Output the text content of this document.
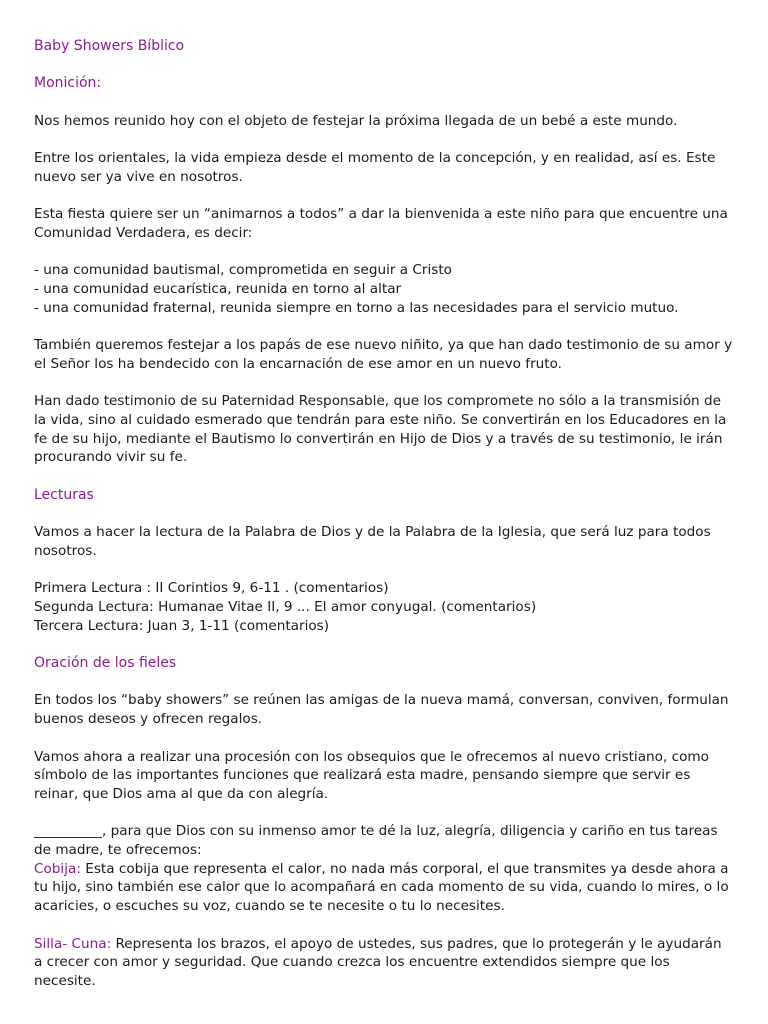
Baby Showers Bíblico
Monición:

Nos hemos reunido hoy con el objeto de festejar la próxima llegada de un bebé a este mundo.

Entre los orientales, la vida empieza desde el momento de la concepción, y en realidad, así es. Este nuevo ser ya vive en nosotros.

Esta fiesta quiere ser un “animarnos a todos” a dar la bienvenida a este niño para que encuentre una Comunidad Verdadera, es decir:

- una comunidad bautismal, comprometida en seguir a Cristo
- una comunidad eucarística, reunida en torno al altar
- una comunidad fraternal, reunida siempre en torno a las necesidades para el servicio mutuo.

También queremos festejar a los papás de ese nuevo niñito, ya que han dado testimonio de su amor y el Señor los ha bendecido con la encarnación de ese amor en un nuevo fruto.

Han dado testimonio de su Paternidad Responsable, que los compromete no sólo a la transmisión de la vida, sino al cuidado esmerado que tendrán para este niño. Se convertirán en los Educadores en la fe de su hijo, mediante el Bautismo lo convertirán en Hijo de Dios y a través de su testimonio, le irán procurando vivir su fe.

Lecturas

Vamos a hacer la lectura de la Palabra de Dios y de la Palabra de la Iglesia, que será luz para todos nosotros.

Primera Lectura : II Corintios 9, 6-11 . (comentarios)
Segunda Lectura: Humanae Vitae II, 9 ... El amor conyugal. (comentarios)
Tercera Lectura: Juan 3, 1-11 (comentarios)
Oración de los fieles

En todos los “baby showers” se reúnen las amigas de la nueva mamá, conversan, conviven, formulan buenos deseos y ofrecen regalos.

Vamos ahora a realizar una procesión con los obsequios que le ofrecemos al nuevo cristiano, como símbolo de las importantes funciones que realizará esta madre, pensando siempre que servir es reinar, que Dios ama al que da con alegría.

__________, para que Dios con su inmenso amor te dé la luz, alegría, diligencia y cariño en tus tareas de madre, te ofrecemos:

Cobija: Esta cobija que representa el calor, no nada más corporal, el que transmites ya desde ahora a tu hijo, sino también ese calor que lo acompañará en cada momento de su vida, cuando lo mires, o lo acaricies, o escuches su voz, cuando se te necesite o tu lo necesites.

Silla- Cuna: Representa los brazos, el apoyo de ustedes, sus padres, que lo protegerán y le ayudarán a crecer con amor y seguridad. Que cuando crezca los encuentre extendidos siempre que los necesite.
